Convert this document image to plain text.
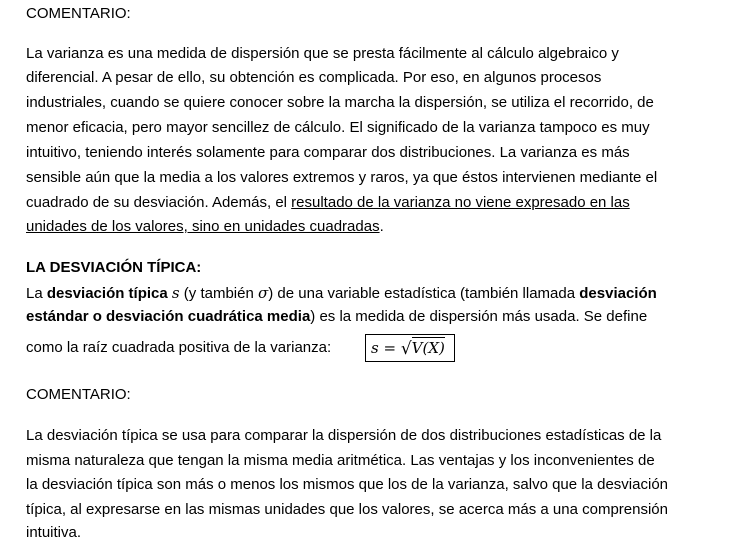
COMENTARIO:
La varianza es una medida de dispersión que se presta fácilmente al cálculo algebraico y
diferencial. A pesar de ello, su obtención es complicada. Por eso, en algunos procesos
industriales, cuando se quiere conocer sobre la marcha la dispersión, se utiliza el recorrido, de
menor eficacia, pero mayor sencillez de cálculo. El significado de la varianza tampoco es muy
intuitivo, teniendo interés solamente para comparar dos distribuciones. La varianza es más
sensible aún que la media a los valores extremos y raros, ya que éstos intervienen mediante el
cuadrado de su desviación. Además, el resultado de la varianza no viene expresado en las
unidades de los valores, sino en unidades cuadradas.
LA DESVIACIÓN TÍPICA:
La desviación típica s (y también σ) de una variable estadística (también llamada desviación
estándar o desviación cuadrática media) es la medida de dispersión más usada. Se define
como la raíz cuadrada positiva de la varianza:	s = √V(X)
COMENTARIO:
La desviación típica se usa para comparar la dispersión de dos distribuciones estadísticas de la
misma naturaleza que tengan la misma media aritmética. Las ventajas y los inconvenientes de
la desviación típica son más o menos los mismos que los de la varianza, salvo que la desviación
típica, al expresarse en las mismas unidades que los valores, se acerca más a una comprensión
intuitiva.
